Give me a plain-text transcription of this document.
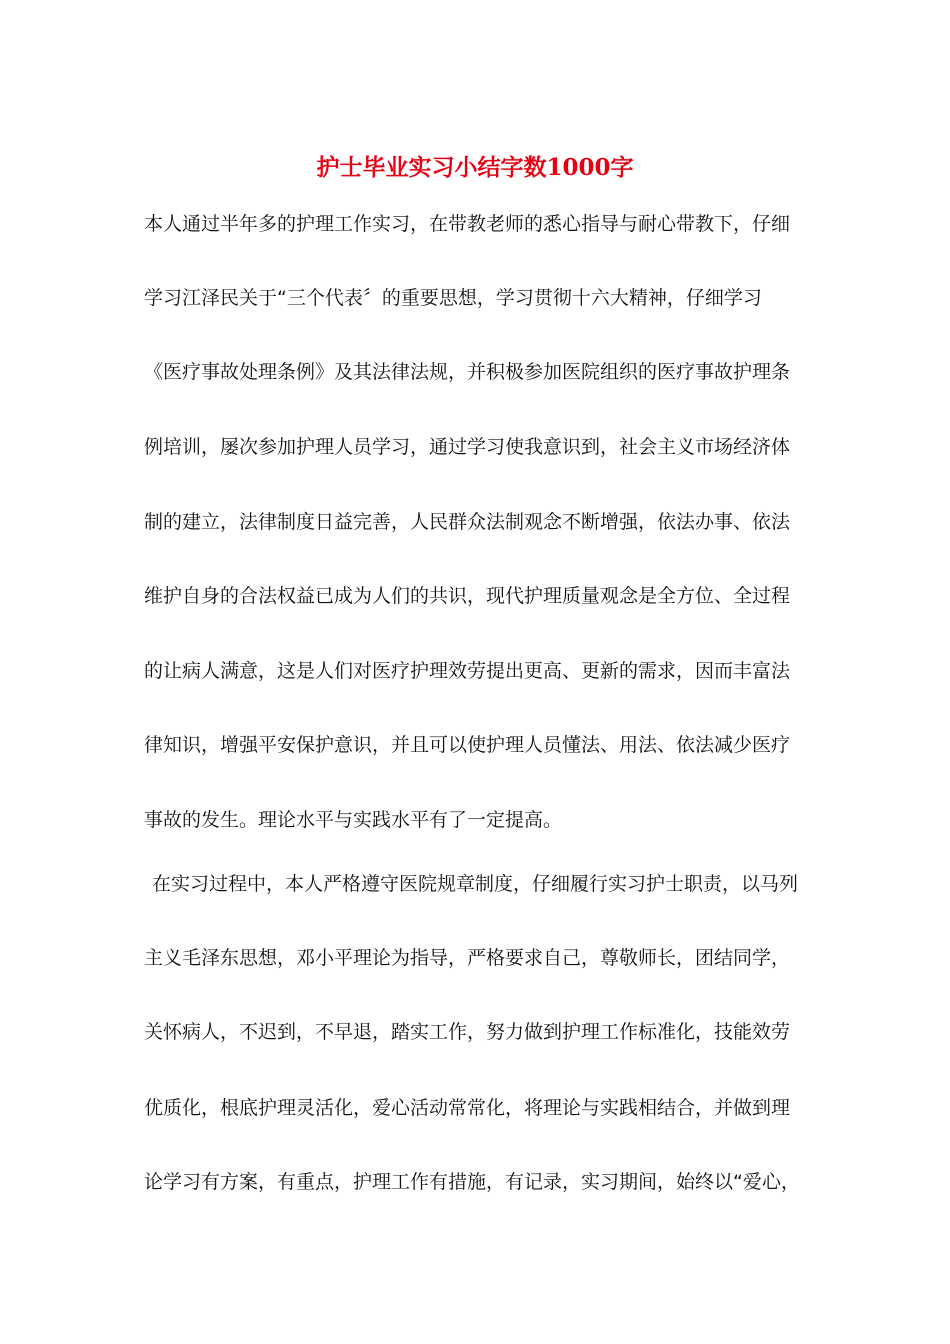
护士毕业实习小结字数1000字
本人通过半年多的护理工作实习，在带教老师的悉心指导与耐心带教下，仔细
学习江泽民关于“三个代表〞的重要思想，学习贯彻十六大精神，仔细学习
《医疗事故处理条例》及其法律法规，并积极参加医院组织的医疗事故护理条
例培训，屡次参加护理人员学习，通过学习使我意识到，社会主义市场经济体
制的建立，法律制度日益完善，人民群众法制观念不断增强，依法办事、依法
维护自身的合法权益已成为人们的共识，现代护理质量观念是全方位、全过程
的让病人满意，这是人们对医疗护理效劳提出更高、更新的需求，因而丰富法
律知识，增强平安保护意识，并且可以使护理人员懂法、用法、依法减少医疗
事故的发生。理论水平与实践水平有了一定提高。
在实习过程中，本人严格遵守医院规章制度，仔细履行实习护士职责，以马列
主义毛泽东思想，邓小平理论为指导，严格要求自己，尊敬师长，团结同学，
关怀病人，不迟到，不早退，踏实工作，努力做到护理工作标准化，技能效劳
优质化，根底护理灵活化，爱心活动常常化，将理论与实践相结合，并做到理
论学习有方案，有重点，护理工作有措施，有记录，实习期间，始终以“爱心，
